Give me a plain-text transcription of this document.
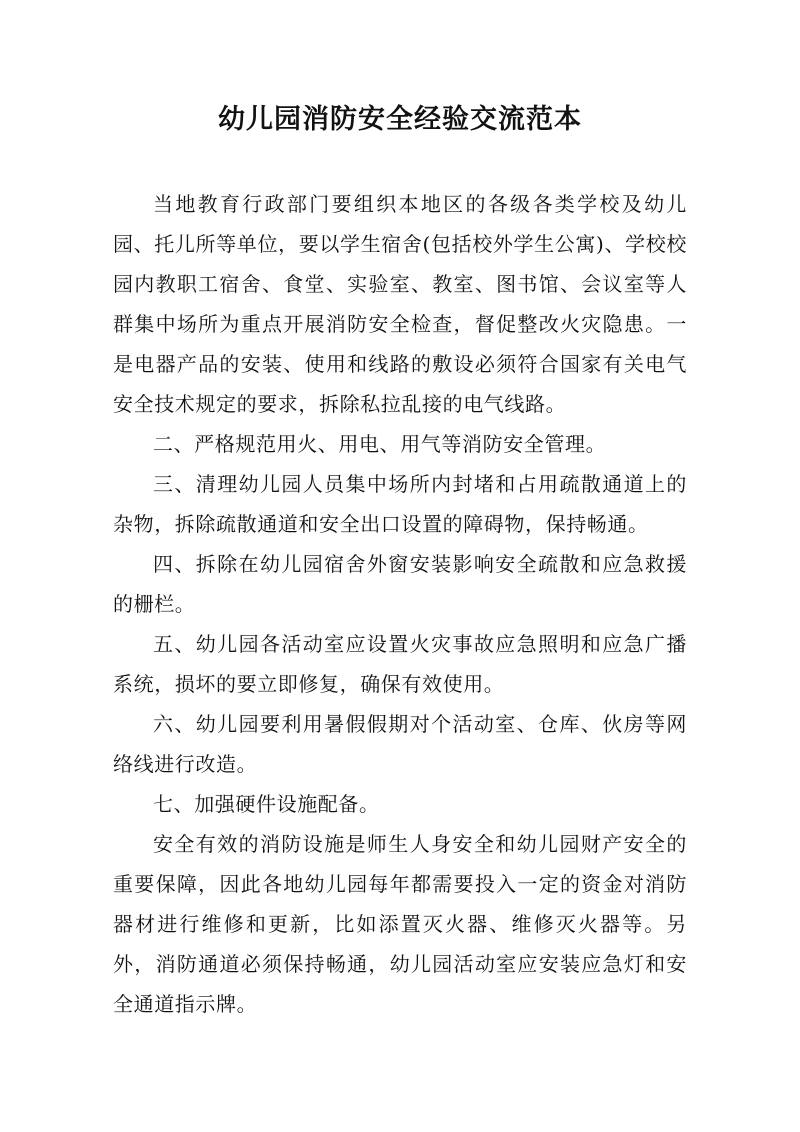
幼儿园消防安全经验交流范本

当地教育行政部门要组织本地区的各级各类学校及幼儿园、托儿所等单位，要以学生宿舍(包括校外学生公寓)、学校校园内教职工宿舍、食堂、实验室、教室、图书馆、会议室等人群集中场所为重点开展消防安全检查，督促整改火灾隐患。一是电器产品的安装、使用和线路的敷设必须符合国家有关电气安全技术规定的要求，拆除私拉乱接的电气线路。

二、严格规范用火、用电、用气等消防安全管理。

三、清理幼儿园人员集中场所内封堵和占用疏散通道上的杂物，拆除疏散通道和安全出口设置的障碍物，保持畅通。

四、拆除在幼儿园宿舍外窗安装影响安全疏散和应急救援的栅栏。

五、幼儿园各活动室应设置火灾事故应急照明和应急广播系统，损坏的要立即修复，确保有效使用。

六、幼儿园要利用暑假假期对个活动室、仓库、伙房等网络线进行改造。

七、加强硬件设施配备。

安全有效的消防设施是师生人身安全和幼儿园财产安全的重要保障，因此各地幼儿园每年都需要投入一定的资金对消防器材进行维修和更新，比如添置灭火器、维修灭火器等。另外，消防通道必须保持畅通，幼儿园活动室应安装应急灯和安全通道指示牌。
